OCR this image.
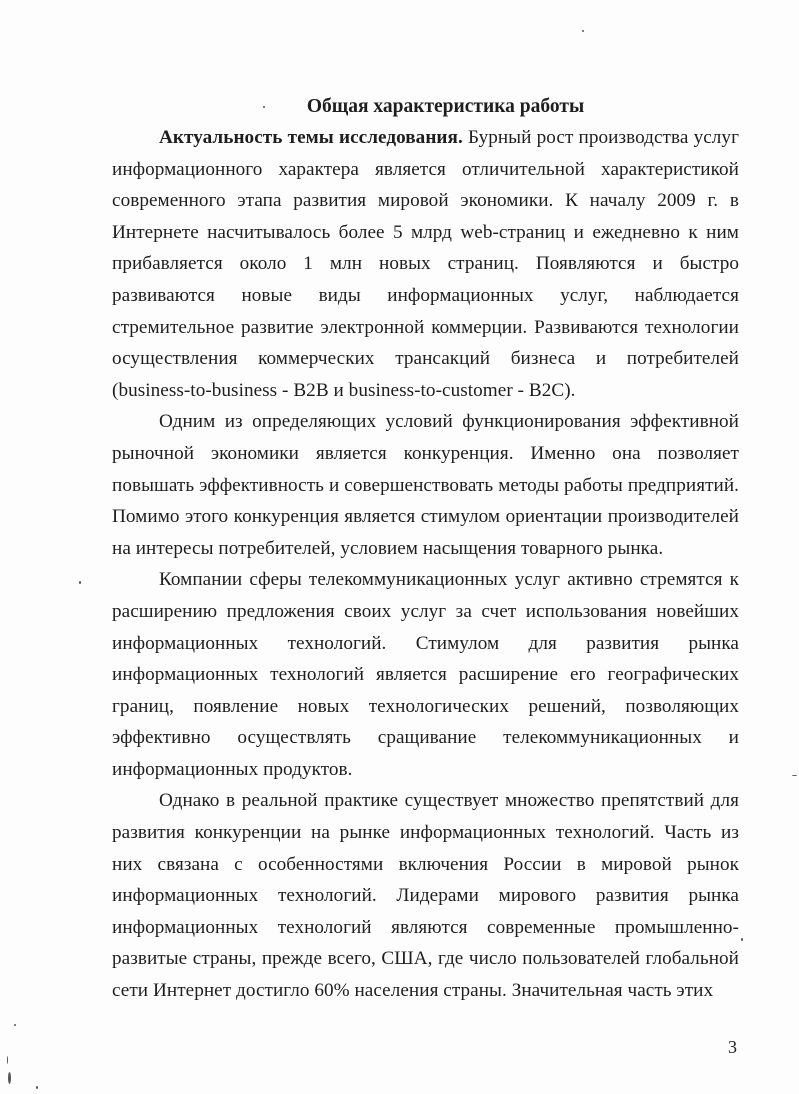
Общая характеристика работы

Актуальность темы исследования. Бурный рост производства услуг информационного характера является отличительной характеристикой современного этапа развития мировой экономики. К началу 2009 г. в Интернете насчитывалось более 5 млрд web-страниц и ежедневно к ним прибавляется около 1 млн новых страниц. Появляются и быстро развиваются новые виды информационных услуг, наблюдается стремительное развитие электронной коммерции. Развиваются технологии осуществления коммерческих трансакций бизнеса и потребителей (business-to-business - B2B и business-to-customer - B2C).

Одним из определяющих условий функционирования эффективной рыночной экономики является конкуренция. Именно она позволяет повышать эффективность и совершенствовать методы работы предприятий. Помимо этого конкуренция является стимулом ориентации производителей на интересы потребителей, условием насыщения товарного рынка.

Компании сферы телекоммуникационных услуг активно стремятся к расширению предложения своих услуг за счет использования новейших информационных технологий. Стимулом для развития рынка информационных технологий является расширение его географических границ, появление новых технологических решений, позволяющих эффективно осуществлять сращивание телекоммуникационных и информационных продуктов.

Однако в реальной практике существует множество препятствий для развития конкуренции на рынке информационных технологий. Часть из них связана с особенностями включения России в мировой рынок информационных технологий. Лидерами мирового развития рынка информационных технологий являются современные промышленно-развитые страны, прежде всего, США, где число пользователей глобальной сети Интернет достигло 60% населения страны. Значительная часть этих

3
